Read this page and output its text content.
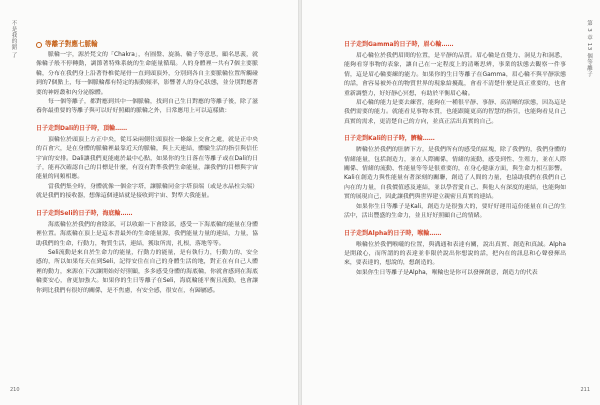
不是我的錯 了	等離子對應七脈輪

脈輪一字，源於梵文的「Chakra」，有圓盤、旋渦、輪子等意思，顧名思義，就像輪子般不停轉動，調節著特殊系統的生命能量循環。人的身體裡一共有7個主要脈輪，分布在我們身上沿著脊椎從尾骨一直到頭頂外，分別到各自主要脈輪位置所觸碰到的7個點上，每一個脈輪都有特定的振動頻率，影響著人的身心狀態，並分別對應著要的神經叢和內分泌腺體。

每一個等離子，都對應到其中一個脈輪，找到自己生日對應的等離子後，除了滋養你最重要的等離子與可以好好照顧的脈輪之外，日常應用上可以這樣做：

日子走到Dali的日子時，頂輪……

頂輪位於頭頂上方正中央，從耳朵兩側往頭頂拉一條線上交會之處，就是正中央的百會穴，是在身體的脈輪裡最靠近天的脈輪，與上天連結，體驗生活的指引與信任宇宙的安排。Dali讓我們更能處於最中心點，如果你的生日落在等離子或在Dali的日子，能再次確認自己的目標是什麼，有沒有對準我們生命能量，讓我們的目標與宇宙能量的同頻相應。

當我們集全時，身體就像一個金字塔，讓脈輪同金字塔頂端（或是水晶柱尖端）就是我們的接收器，想像這個連結就是接收到宇宙、對準大我能量。

日子走到Seli的日子時，海底輪……

海底輪位於我們的會陰部，可以收縮一下會陰部，感受一下海底輪的能量在身體裡位置。海底輪在頂上是這本書最外的生命能量源，我們能量力量的連結，力量，協助我們的生命，行動力，物質生活，連結，獲取所需，扎根，落地等等。

Seli流動是來自於生命力的能量，行動力的能量，是有執行力，行動力的、安全感的，所以如果每天在到Seli，記得安住在自己的身體生活的地，對正在有自己人體裡的動力，來源在下次讓開始好好照顧，多多感受身體的海底輪，你就會感到在海底輪要安心，會更加強大。如果你的生日等離子在Seli，海底輪能平衡且流動，也會讓你到比我們有很好的關係，是不焦慮，有安全感，很安在，有歸屬感。

210
第 3 章 13 個等離子
日子走到Gamma的日子時，眉心輪……

眉心輪位於我們眉間的位置，是平靜的品質。眉心輪是直覺力、洞見力和洞悉，能夠看穿事物的表象，讓自己在一定程度上的清晰思辨，事業的狀態去觀察一件事情，這是眉心輪要練的能力。如果你的生日等離子在Gamma，眉心輪不與平靜狀態的話，會容易被外在的物質世界的現象給擾亂，會看不清楚什麼是真正重要的，也會重新調整力，好好靜心冥想，有助於平衡眉心輪。

眉心輪的能力是要去練習，能夠在一種很平靜、事靜、高清晰的狀態，因為這是我們需要的能力。就能看見事物本質，也能跟隨更高的智慧的指引，也能夠看見自己真實的需求，更清楚自己的方向，並真正活出真實的自己。

日子走到Kali的日子時，臍輪……

臍輪位於我們的肚臍下方，是我們所有的感受的區塊，除了我們的，我們身體的情緒能量，包括創造力，並在人際關係，情緒的流動，感受到性、生殖力，並在人際關係、情緒的流動、性能量等等是很重要的，在身心健康方面，與生命力相互影響。Kali在創造力與性能量有著深刻的關聯，創造了人間的力量，也協助我們在我們自己內在的力量，自我價值感及連結，並以學習愛自己、與他人有深度的連結，也能夠如實的展現自己，因此讓我們與世界建立親密且真實的連結。

如果你生日等離子是Kali，創造力是很強大的，要好好運用這份能量在自己的生活中，活出豐盛的生命力，並且好好照顧自己的情緒。

日子走到Alpha的日子時，喉輪……

喉輪位於我們喉嚨的位置，與溝通和表達有關，說出真實、創造和真誠。Alpha是開啟心，而所謂的的表達並非限於說出你想說的話，把內在的訊息和心聲發揮出來，要表達的，想說的，想創造的。

如果你生日等離子是Alpha，喉輪也是你可以發揮創意，創造力的代表

211
